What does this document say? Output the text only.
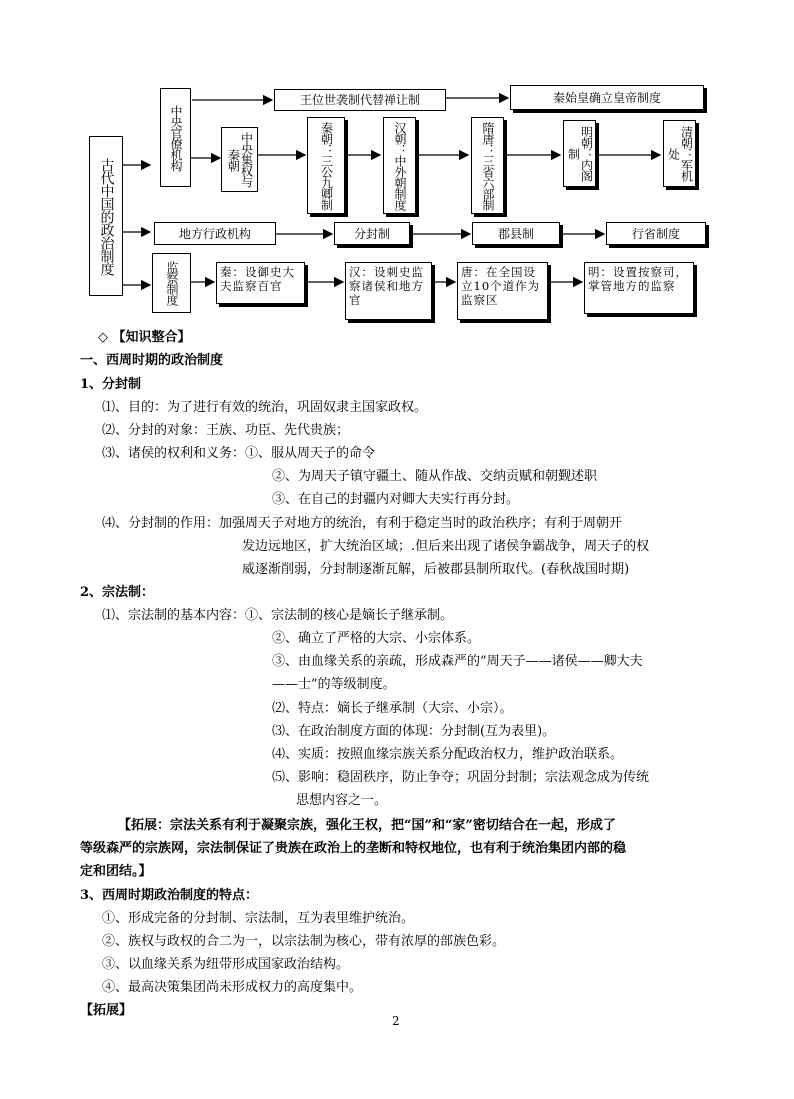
古代中国的政治制度
中央官僚机构	中央集权与秦朝	秦朝：三公九卿制	汉朝：中外朝制度	隋唐：三省六部制	明朝：内阁制	清朝：军机处
王位世袭制代替禅让制	秦始皇确立皇帝制度
地方行政机构	分封制	郡县制	行省制度
监察制度	秦：设御史大夫监察百官
汉：设刺史监察诸侯和地方官
唐：在全国设立10个道作为监察区
明：设置按察司，掌管地方的监察
◇ 【知识整合】
一、西周时期的政治制度
1、分封制
⑴、目的：为了进行有效的统治，巩固奴隶主国家政权。
⑵、分封的对象：王族、功臣、先代贵族；
⑶、诸侯的权利和义务：①、服从周天子的命令
②、为周天子镇守疆土、随从作战、交纳贡赋和朝觐述职
③、在自己的封疆内对卿大夫实行再分封。
⑷、分封制的作用：加强周天子对地方的统治，有利于稳定当时的政治秩序；有利于周朝开
发边远地区，扩大统治区域；.但后来出现了诸侯争霸战争，周天子的权
威逐渐削弱，分封制逐渐瓦解，后被郡县制所取代。(春秋战国时期)
2、宗法制：
⑴、宗法制的基本内容：①、宗法制的核心是嫡长子继承制。
②、确立了严格的大宗、小宗体系。
③、由血缘关系的亲疏，形成森严的“周天子——诸侯——卿大夫
——士”的等级制度。
⑵、特点：嫡长子继承制（大宗、小宗）。
⑶、在政治制度方面的体现：分封制(互为表里)。
⑷、实质：按照血缘宗族关系分配政治权力，维护政治联系。
⑸、影响：稳固秩序，防止争夺；巩固分封制；宗法观念成为传统
思想内容之一。
【拓展：宗法关系有利于凝聚宗族，强化王权，把“国”和“家”密切结合在一起，形成了
等级森严的宗族网，宗法制保证了贵族在政治上的垄断和特权地位，也有利于统治集团内部的稳
定和团结。】
3、西周时期政治制度的特点：
①、形成完备的分封制、宗法制，互为表里维护统治。
②、族权与政权的合二为一，以宗法制为核心，带有浓厚的部族色彩。
③、以血缘关系为纽带形成国家政治结构。
④、最高决策集团尚未形成权力的高度集中。
【拓展】
2
